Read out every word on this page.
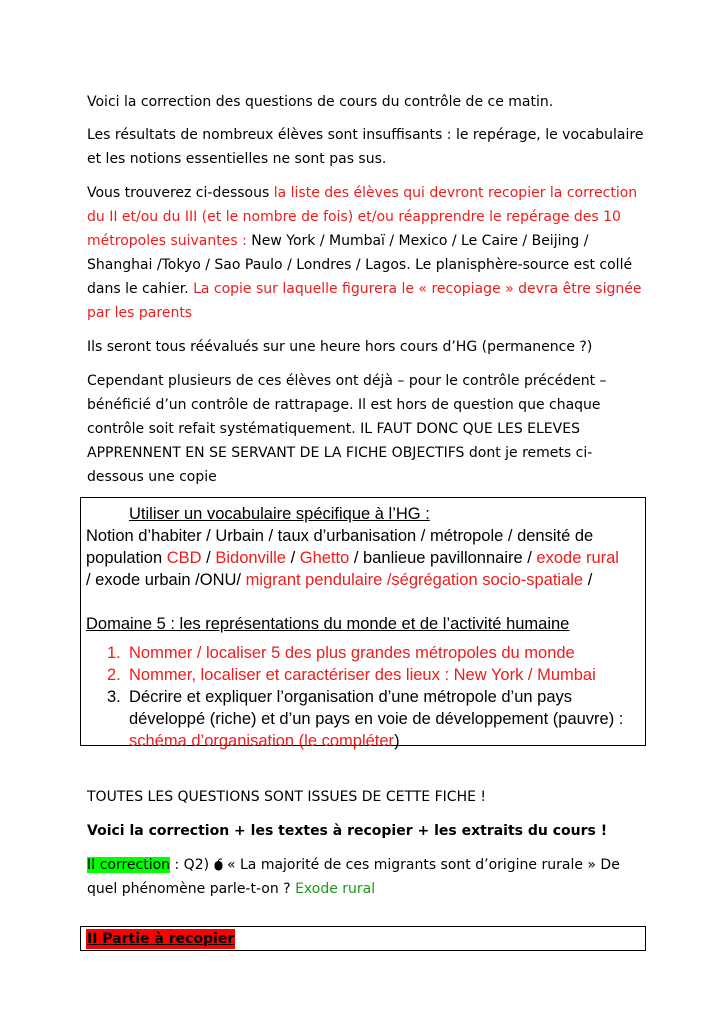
Voici la correction des questions de cours du contrôle de ce matin.

Les résultats de nombreux élèves sont insuffisants : le repérage, le vocabulaire et les notions essentielles ne sont pas sus.

Vous trouverez ci-dessous la liste des élèves qui devront recopier la correction du II et/ou du III (et le nombre de fois) et/ou réapprendre le repérage des 10 métropoles suivantes : New York / Mumbaï / Mexico / Le Caire / Beijing / Shanghai /Tokyo / Sao Paulo / Londres / Lagos. Le planisphère-source est collé dans le cahier. La copie sur laquelle figurera le « recopiage » devra être signée par les parents

Ils seront tous réévalués sur une heure hors cours d’HG (permanence ?)

Cependant plusieurs de ces élèves ont déjà – pour le contrôle précédent – bénéficié d’un contrôle de rattrapage. Il est hors de question que chaque contrôle soit refait systématiquement. IL FAUT DONC QUE LES ELEVES APPRENNENT EN SE SERVANT DE LA FICHE OBJECTIFS dont je remets ci-dessous une copie

Utiliser un vocabulaire spécifique à l’HG :
Notion d’habiter / Urbain / taux d’urbanisation / métropole / densité de
population CBD / Bidonville / Ghetto / banlieue pavillonnaire / exode rural
/ exode urbain /ONU/ migrant pendulaire /ségrégation socio-spatiale /
Domaine 5 : les représentations du monde et de l’activité humaine
1. Nommer / localiser 5 des plus grandes métropoles du monde
2. Nommer, localiser et caractériser des lieux : New York / Mumbai
3. Décrire et expliquer l’organisation d’une métropole d’un pays développé (riche) et d’un pays en voie de développement (pauvre) : schéma d’organisation (le compléter)

TOUTES LES QUESTIONS SONT ISSUES DE CETTE FICHE !

Voici la correction + les textes à recopier + les extraits du cours !

II correction : Q2)  « La majorité de ces migrants sont d’origine rurale » De quel phénomène parle-t-on ? Exode rural

II Partie à recopier
